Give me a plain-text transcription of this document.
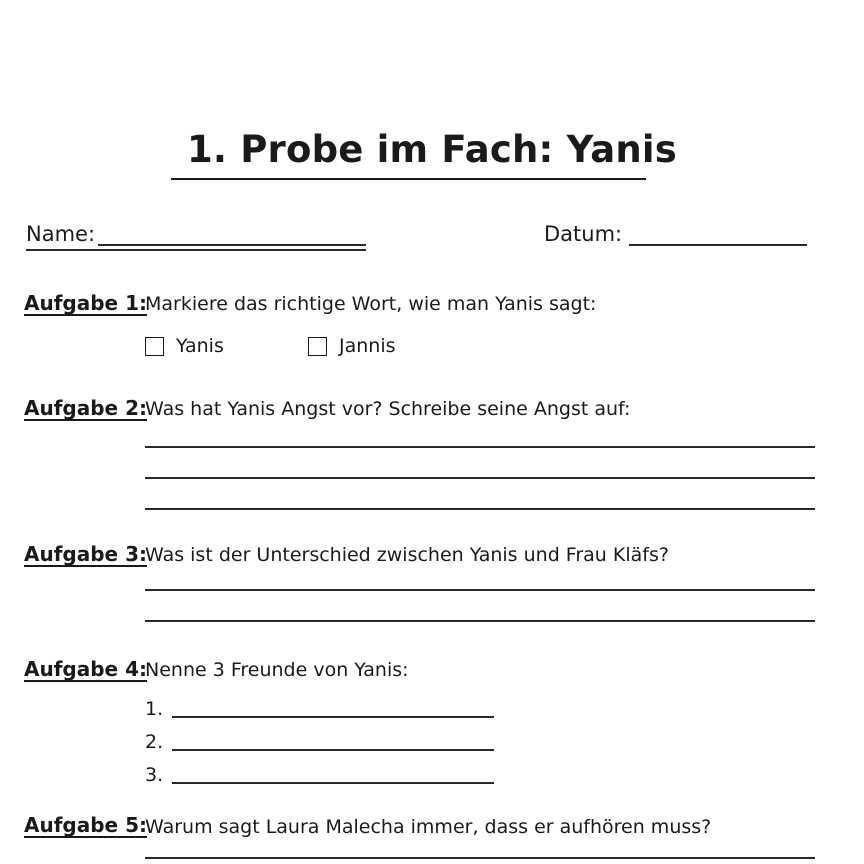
1. Probe im Fach: Yanis
Name:	Datum:
Aufgabe 1:
Markiere das richtige Wort, wie man Yanis sagt:
Yanis	Jannis
Aufgabe 2:
Was hat Yanis Angst vor? Schreibe seine Angst auf:
Aufgabe 3:
Was ist der Unterschied zwischen Yanis und Frau Kläfs?
Aufgabe 4:
Nenne 3 Freunde von Yanis:
1.
2.
3.
Aufgabe 5:
Warum sagt Laura Malecha immer, dass er aufhören muss?
